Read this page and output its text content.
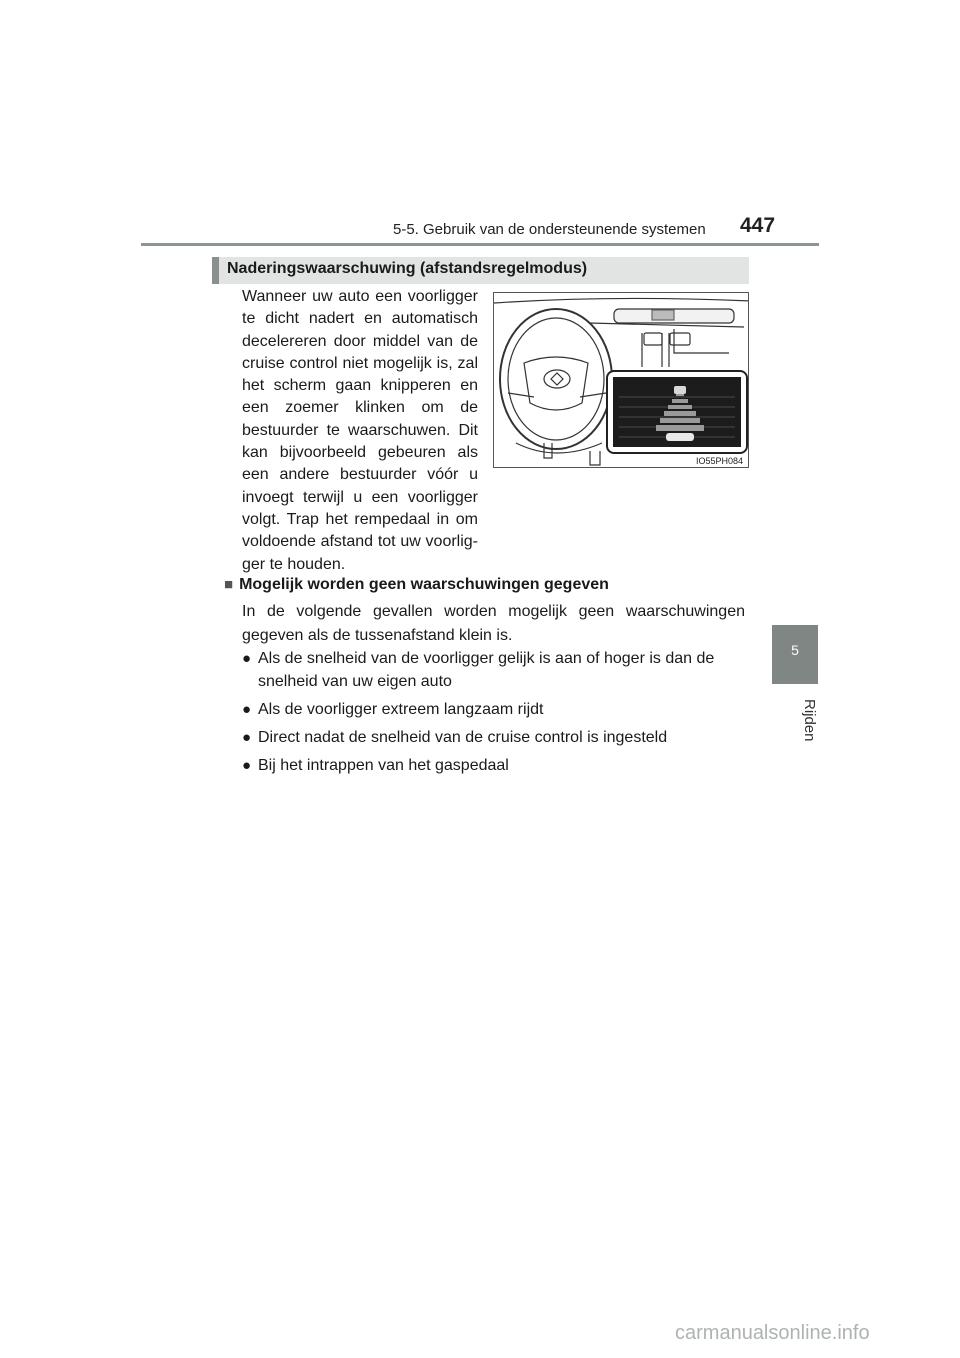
5-5. Gebruik van de ondersteunende systemen 447
Naderingswaarschuwing (afstandsregelmodus)

Wanneer uw auto een voorligger te dicht nadert en automatisch decelereren door middel van de cruise control niet mogelijk is, zal het scherm gaan knipperen en een zoemer klinken om de bestuurder te waarschuwen. Dit kan bijvoorbeeld gebeuren als een andere bestuurder vóór u invoegt terwijl u een voorligger volgt. Trap het rempedaal in om voldoende afstand tot uw voorlig-ger te houden.

IO55PH084
■ Mogelijk worden geen waarschuwingen gegeven

In de volgende gevallen worden mogelijk geen waarschuwingen gegeven als de tussenafstand klein is.

● Als de snelheid van de voorligger gelijk is aan of hoger is dan de snelheid van uw eigen auto
● Als de voorligger extreem langzaam rijdt
● Direct nadat de snelheid van de cruise control is ingesteld
● Bij het intrappen van het gaspedaal
5
Rijden
carmanualsonline.info
